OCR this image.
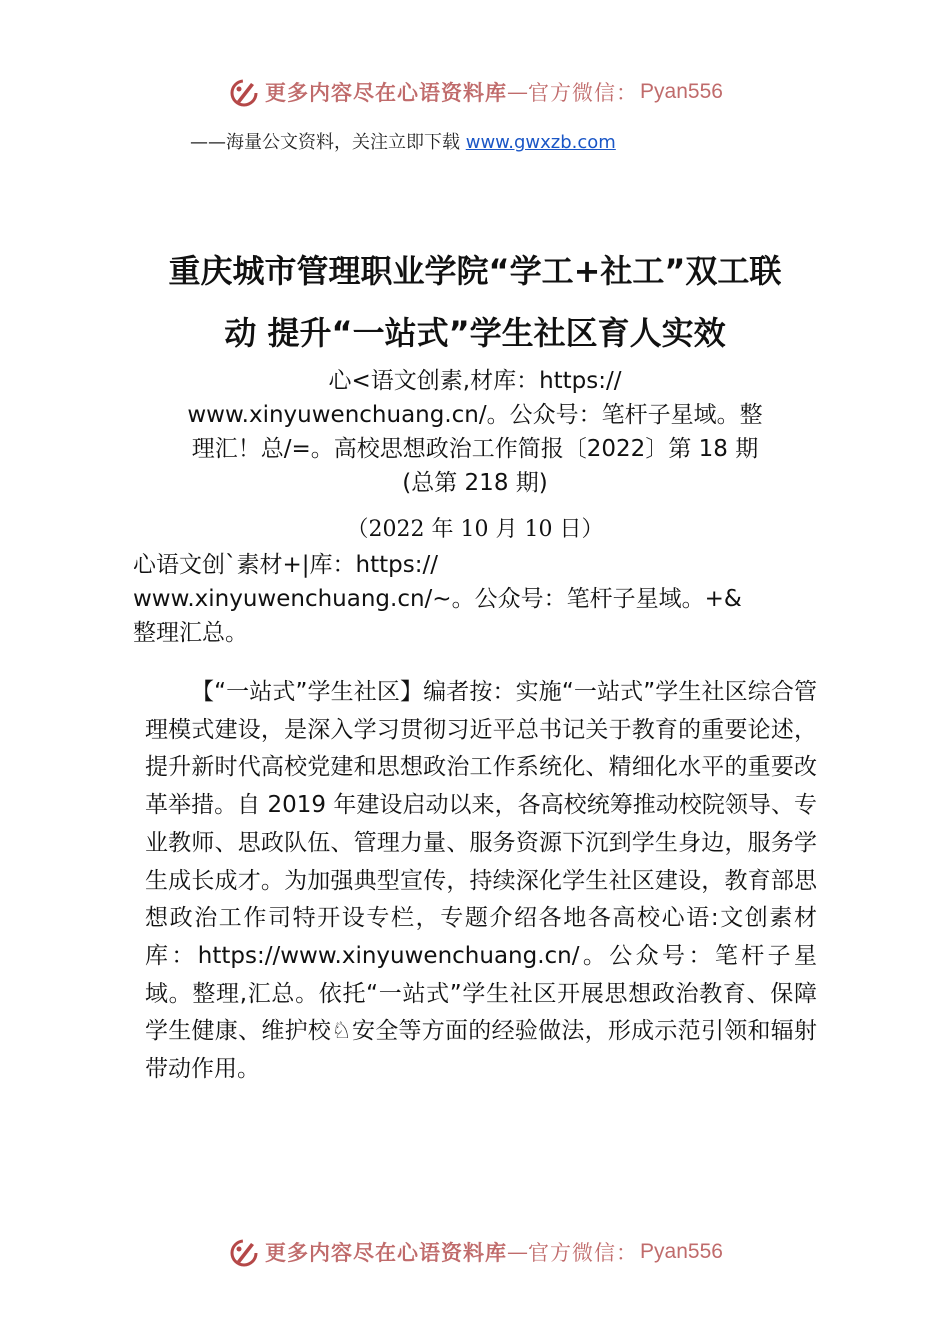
更多内容尽在心语资料库 — 官方微信： Pyan556
——海量公文资料，关注立即下载 www.gwxzb.com
重庆城市管理职业学院“学工+社工”双工联
动 提升“一站式”学生社区育人实效
心<语文创素,材库：https://
www.xinyuwenchuang.cn/。公众号：笔杆子星域。整
理汇！总/=。高校思想政治工作简报〔2022〕第 18 期
(总第 218 期)
（2022 年 10 月 10 日）
心语文创`素材+|库：https://
www.xinyuwenchuang.cn/~。公众号：笔杆子星域。+&
整理汇总。
【“一站式”学生社区】编者按：实施“一站式”学生社区综合管理模式建设，是深入学习贯彻习近平总书记关于教育的重要论述，提升新时代高校党建和思想政治工作系统化、精细化水平的重要改革举措。自 2019 年建设启动以来，各高校统筹推动校院领导、专业教师、思政队伍、管理力量、服务资源下沉到学生身边，服务学生成长成才。为加强典型宣传，持续深化学生社区建设，教育部思想政治工作司特开设专栏，专题介绍各地各高校心语:文创素材库：https://www.xinyuwenchuang.cn/。公众号：笔杆子星域。整理,汇总。依托“一站式”学生社区开展思想政治教育、保障学生健康、维护校♘安全等方面的经验做法，形成示范引领和辐射带动作用。
更多内容尽在心语资料库 — 官方微信： Pyan556
